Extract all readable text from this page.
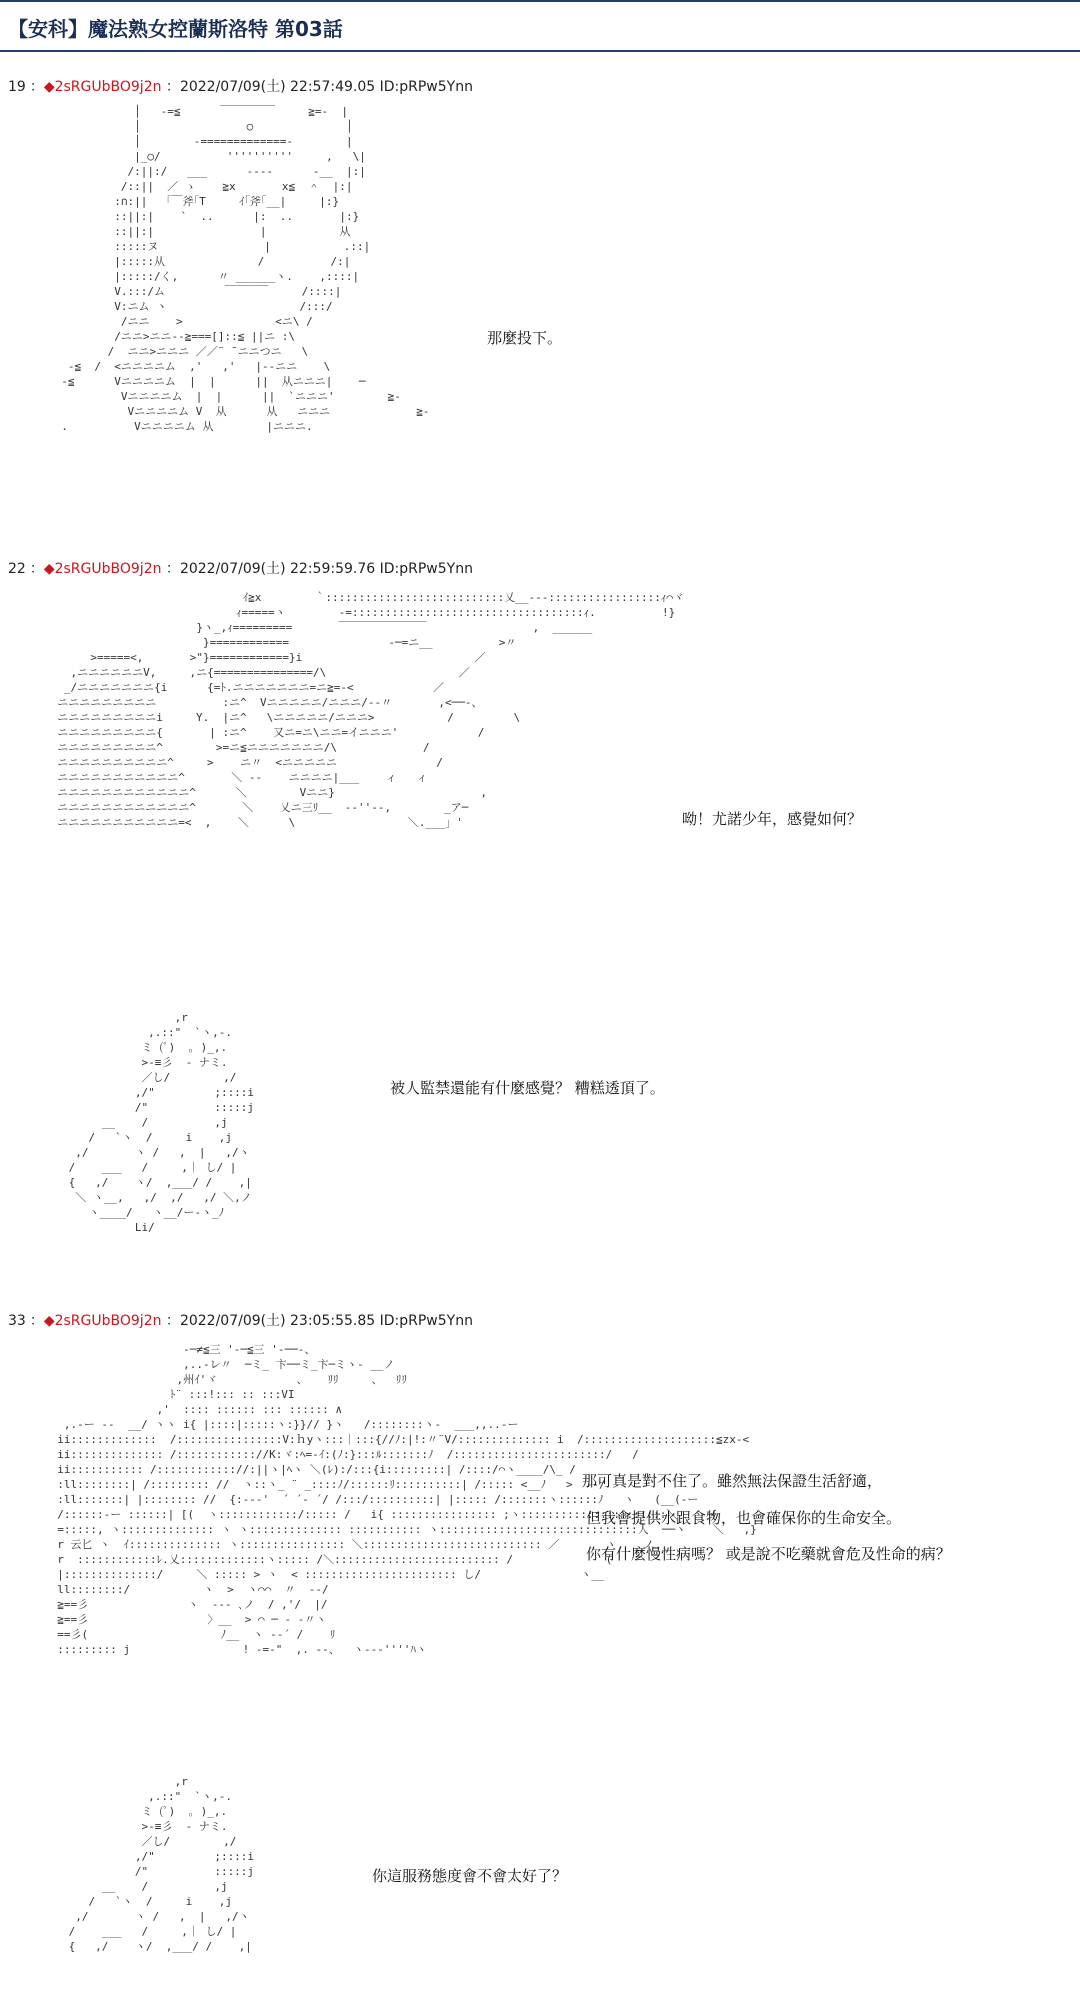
【安科】魔法熟女控蘭斯洛特 第03話
19 ：◆2sRGUbBO9j2n ：2022/07/09(土) 22:57:49.05 ID:pRPw5Ynn
│   -=≦      ￣￣￣￣￣     ≧=-  |
│                ○              │
│        -=============-        |
|_○/          ''''''''''     ,   \|
/:||:/   ___      ----      -__  |:|
/::||  ／ ゝ    ≧x       x≦  ＾  |:|
:∩:||  「￣斧｢T     ｲ｢斧｢__|     |:}
::||:|    `  ..      |:  ..       |:}
::||:|                |           从
:::::ヌ                |           .::|
|:::::从              /          /:|
|:::::/く,      〃 ______ヽ.    ,::::|
V.:::/ム         ￣￣￣￣     /::::|
V:ニム ヽ                    /:::/
/ニニ    >              <ニ\ /
/ニニ>ニニ‐‐≧===[]::≦ ||ニ :\
/  ニニ>ニニニ ／／¨ ̄ ニニつニ   \
-≦  /  <ニニニニム  ,'   ,'   |‐‐ニニ    \
-≦      Vニニニニム  |  |      ||  从ニニニ|    ─
Vニニニニム  |  |      ||  `ニニニ'        ≧-
Vニニニニム V  从      从   ニニニ             ≧-
.          Vニニニニム 从        |ニニニ.

那麼投下。
22 ：◆2sRGUbBO9j2n ：2022/07/09(土) 22:59:59.76 ID:pRPw5Ynn
ｲ≧x        ｀:::::::::::::::::::::::::::乂__‐-‐:::::::::::::::::ｨ⌒ヾ
ｨ=====ヽ        -=:::::::::::::::::::::::::::::::::::ｨ.          !}
}ヽ_,ｨ=========       ￣￣￣￣￣￣￣￣                ,  ______
}============               ‐─=ニ__          >〃
>=====<,       >"}============}i                          ／
,ニニニニニニV,     ,ニ{===============/\                    ／
_/ニニニニニニニ{i      {=ﾄ.ニニニニニニニ=ニ≧=-<            ／
ニニニニニニニニニ          :ニ^  Vニニニニニ/ニニニ/-‐〃       ,<──‐、
ニニニニニニニニニi     Y.  |ニ^   \ニニニニニ/ニニニ>           /         \
ニニニニニニニニニ{       | :ニ^    又ニ=ニ\ニニ=イニニニ'            /
ニニニニニニニニニ^        >=ニ≦ニニニニニニニ/\             /
ニニニニニニニニニニ^     >    ニ〃  <ニニニニニ               /
ニニニニニニニニニニニ^       ＼ ‐-    ニニニニ|___    ィ   ィ
ニニニニニニニニニニニニ^      ＼        Vニニ}                      ,
ニニニニニニニニニニニニ^       ＼    乂ニ三ﾘ__  -‐''‐-,        _ア─
ニニニニニニニニニニニ=<  ,    ＼      \                 ＼.___」'	呦！尤諾少年，感覺如何？
,r
,.::"  `ヽ,-.
ミ (ﾟ)  ｡ )_,.
>-≡彡  ‐ ナミ.
／し/        ,/
,/"         ;::::i
/"          :::::j
__    /          ,j
/   `ヽ  /     i    ,j
,/       ヽ /   ,  |   ,/ヽ
/    ___   /     ,｜ し/ |
{   ,/    ヽ/  ,___/ /    ,|
＼ ヽ__,   ,/  ,/   ,/ ＼,ノ
ヽ____/   ヽ__/ー-ヽ_ﾉ
Li/

被人監禁還能有什麼感覺？ 糟糕透頂了。
33 ：◆2sRGUbBO9j2n ：2022/07/09(土) 23:05:55.85 ID:pRPw5Ynn
‐─≠≦三 '‐─≦三 '‐──-、
,..-レ〃  ─ミ_ 卞──ミ_卞─ミヽ‐ __ノ
,州ｲ'ヾ            、   ﾘﾘ     、  ﾘﾘ
ﾄ¨ :::!::: :: :::VI
,'  :::: :::::: ::: :::::: ∧
,.‐ー ‐‐  __/ ヽヽ i{ |::::|:::::ヽ:}}// }ヽ   /::::::::ヽ‐  ___,,..‐ー
ii:::::::::::::  /::::::::::::::::V:ｈyヽ:::｜:::{//ﾉ:|!:〃¨V/:::::::::::::: i  /::::::::::::::::::::≦zx‐<
ii:::::::::::::: /:::::::::::://K:ヾ:ﾍ=-ｲ:(ﾉ:}:::ﾙ:::::::ﾉ  /:::::::::::::::::::::::/   /
ii::::::::::: /:::::::::::://:||ヽ|ﾍヽ ＼(ﾚ):/:::{i:::::::::| /::::/⌒ヽ____/\_ /
:ll::::::::| /::::::::: //  ヽ::ヽ_ ¨ _::::ﾉ/::::::ﾘ::::::::::| /::::: <__ﾉ   >  ‐-/
:ll:::::::| |:::::::: //  {:‐-‐'  ´ ´‐ ´/ /:::/::::::::::| |::::: /:::::::ヽ::::::ﾉ   ヽ   (__(‐ー
/::::::‐ー ::::::| [(  ヽ::::::::::::/::::: /   i{ :::::::::::::::: ;ヽ::::::::::::::::::::::＼     {
=:::::, ヽ:::::::::::::: ヽ ヽ:::::::::::::: ::::::::::: ヽ::::::::::::::::::::::::::::::人  ──ヽ    ＼   ,}
r 云匕 ヽ  ｲ:::::::::::::: ヽ:::::::::::::::: ＼::::::::::::::::::::::::::: ／       ヽ   _ノ
r  ::::::::::::ﾚ.乂:::::::::::::ヽ::::: /＼::::::::::::::::::::::::: /              (
|::::::::::::::/     ＼ ::::: > ヽ  < ::::::::::::::::::::::: し/               ヽ__
ll::::::::/           ヽ  >  ヽ⌒⌒  〃  ‐-/
≧==彡               ヽ  ‐-‐ ､ノ  / ,'/  |/
≧==彡                  〉__  > ⌒ ─ ‐ ‐〃ヽ
==彡(                    ﾉ__  ヽ ‐-´ /    ﾘ
::::::::: j                 ! ‐=‐"  ,. ‐-、  ヽ‐-‐''''ﾊヽ

那可真是對不住了。雖然無法保證生活舒適，
但我會提供水跟食物，也會確保你的生命安全。
你有什麼慢性病嗎？ 或是說不吃藥就會危及性命的病？
,r
,.::"  `ヽ,-.
ミ (ﾟ)  ｡ )_,.
>-≡彡  ‐ ナミ.
／し/        ,/
,/"         ;::::i
/"          :::::j
__    /          ,j
/   `ヽ  /     i    ,j
,/       ヽ /   ,  |   ,/ヽ
/    ___   /     ,｜ し/ |
{   ,/    ヽ/  ,___/ /    ,|

你這服務態度會不會太好了？
